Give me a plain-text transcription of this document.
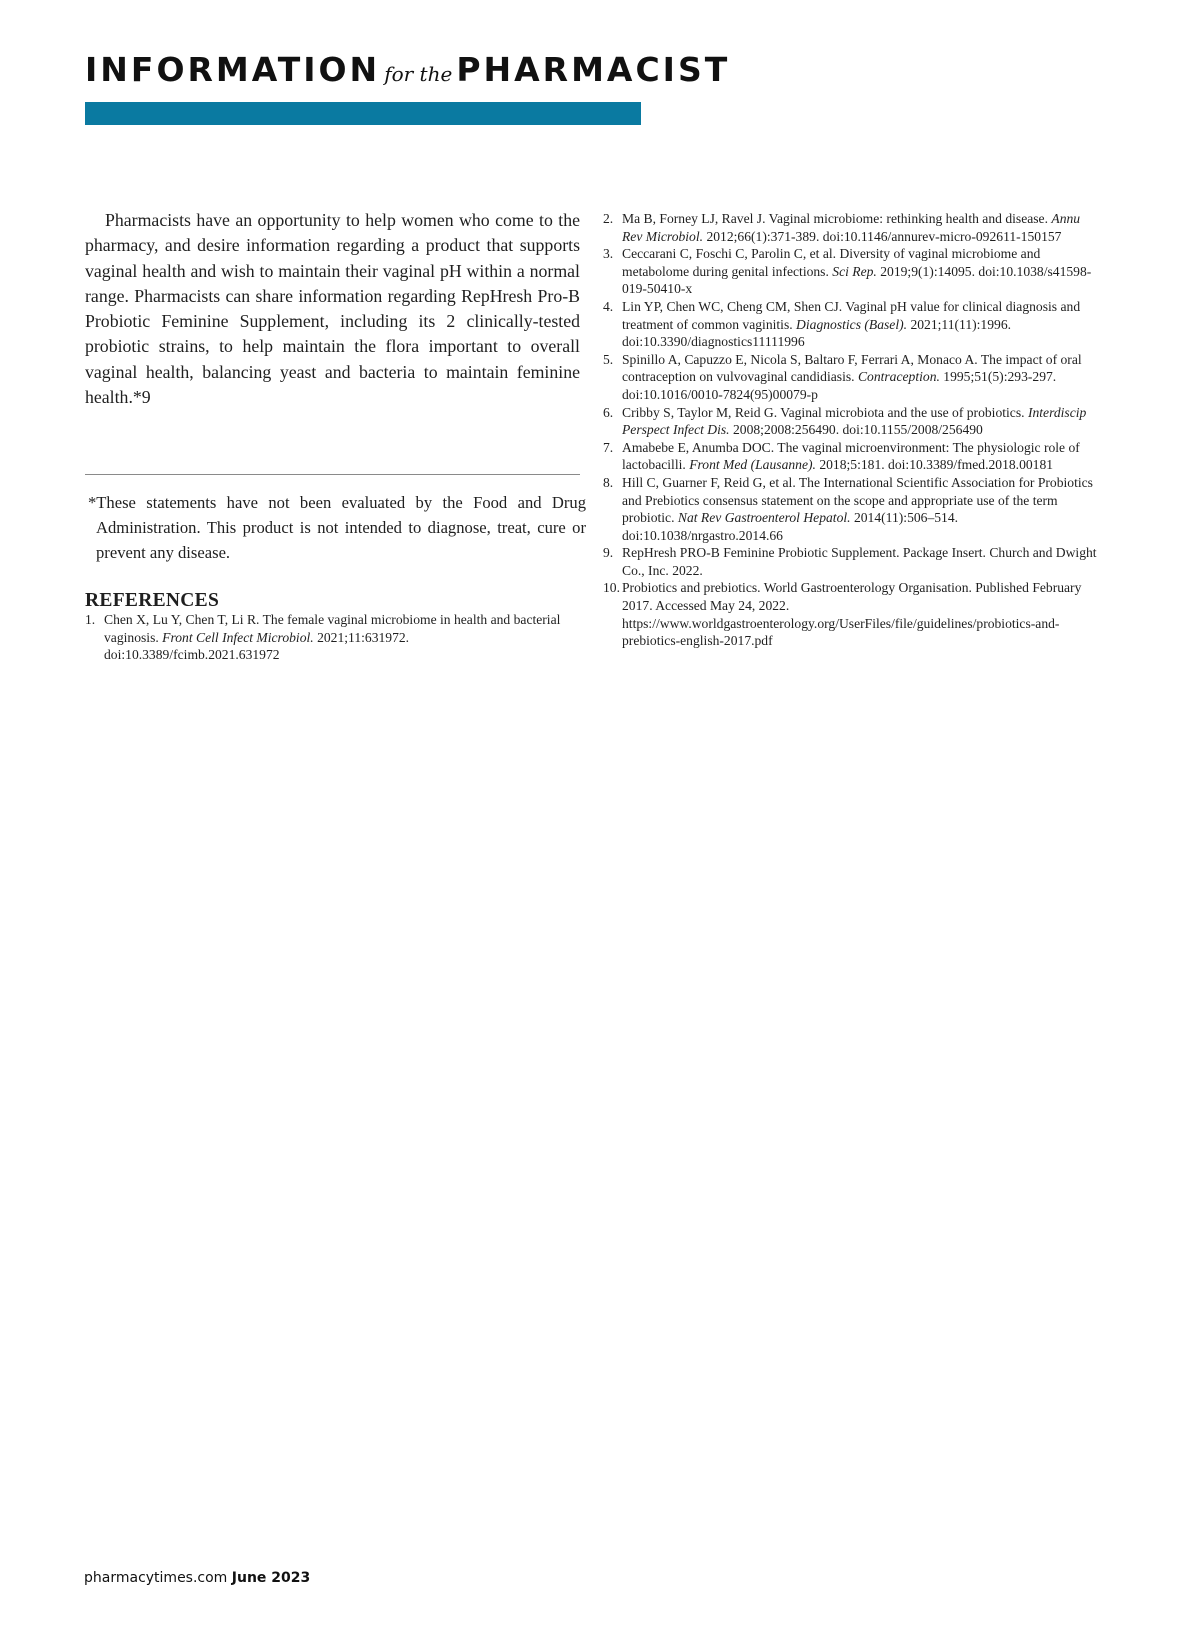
INFORMATION for the PHARMACIST

Pharmacists have an opportunity to help women who come to the pharmacy, and desire information regarding a product that supports vaginal health and wish to maintain their vaginal pH within a normal range. Pharmacists can share information regarding RepHresh Pro-B Probiotic Feminine Supplement, including its 2 clinically-tested probiotic strains, to help maintain the flora important to overall vaginal health, balancing yeast and bacteria to maintain feminine health.*9

*These statements have not been evaluated by the Food and Drug Administration. This product is not intended to diagnose, treat, cure or prevent any disease.

REFERENCES
1. Chen X, Lu Y, Chen T, Li R. The female vaginal microbiome in health and bacterial vaginosis. Front Cell Infect Microbiol. 2021;11:631972. doi:10.3389/fcimb.2021.631972
2. Ma B, Forney LJ, Ravel J. Vaginal microbiome: rethinking health and disease. Annu Rev Microbiol. 2012;66(1):371-389. doi:10.1146/annurev-micro-092611-150157
3. Ceccarani C, Foschi C, Parolin C, et al. Diversity of vaginal microbiome and metabolome during genital infections. Sci Rep. 2019;9(1):14095. doi:10.1038/s41598-019-50410-x
4. Lin YP, Chen WC, Cheng CM, Shen CJ. Vaginal pH value for clinical diagnosis and treatment of common vaginitis. Diagnostics (Basel). 2021;11(11):1996. doi:10.3390/diagnostics11111996
5. Spinillo A, Capuzzo E, Nicola S, Baltaro F, Ferrari A, Monaco A. The impact of oral contraception on vulvovaginal candidiasis. Contraception. 1995;51(5):293-297. doi:10.1016/0010-7824(95)00079-p
6. Cribby S, Taylor M, Reid G. Vaginal microbiota and the use of probiotics. Interdiscip Perspect Infect Dis. 2008;2008:256490. doi:10.1155/2008/256490
7. Amabebe E, Anumba DOC. The vaginal microenvironment: The physiologic role of lactobacilli. Front Med (Lausanne). 2018;5:181. doi:10.3389/fmed.2018.00181
8. Hill C, Guarner F, Reid G, et al. The International Scientific Association for Probiotics and Prebiotics consensus statement on the scope and appropriate use of the term probiotic. Nat Rev Gastroenterol Hepatol. 2014(11):506–514. doi:10.1038/nrgastro.2014.66
9. RepHresh PRO-B Feminine Probiotic Supplement. Package Insert. Church and Dwight Co., Inc. 2022.
10. Probiotics and prebiotics. World Gastroenterology Organisation. Published February 2017. Accessed May 24, 2022. https://www.worldgastroenterology.org/UserFiles/file/guidelines/probiotics-and-prebiotics-english-2017.pdf
pharmacytimes.com June 2023
